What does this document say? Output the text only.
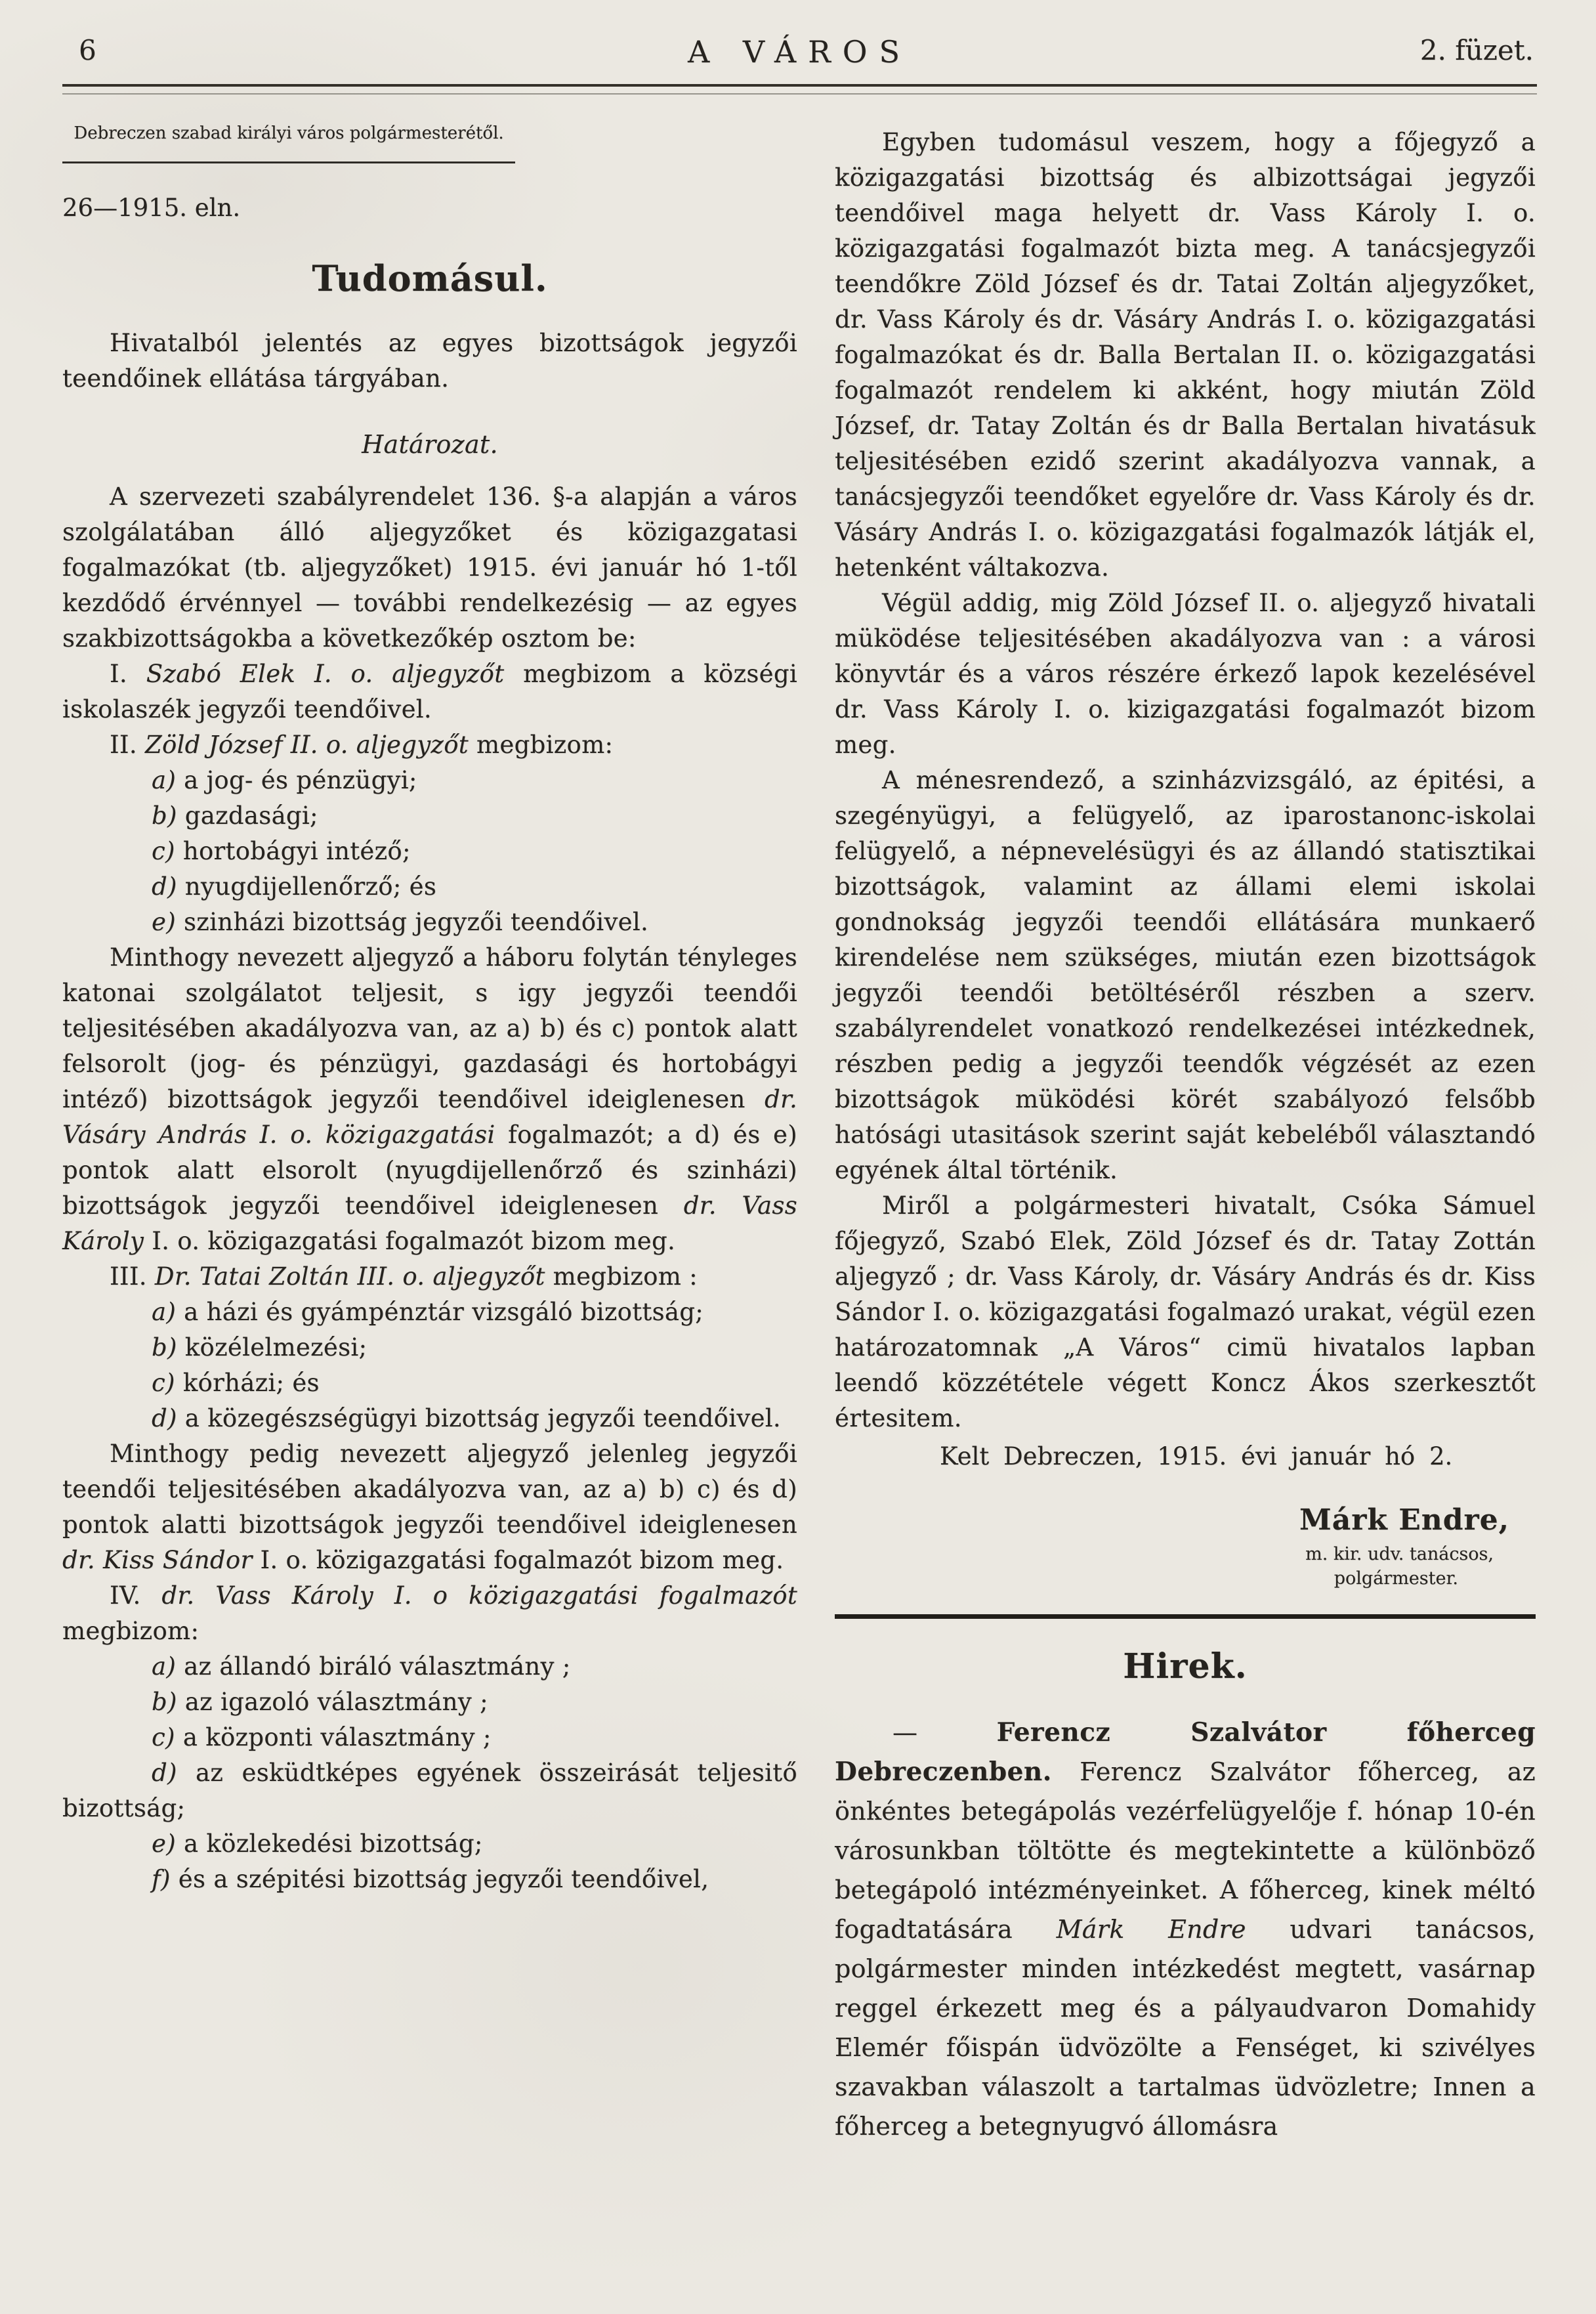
6	A VÁROS	2. füzet.
Debreczen szabad királyi város polgármesterétől.
26—1915. eln.
Tudomásul.

Hivatalból jelentés az egyes bizottságok jegyzői teendőinek ellátása tárgyában.

Határozat.

A szervezeti szabályrendelet 136. §-a alapján a város szolgálatában álló aljegyzőket és közigazgatasi fogalmazókat (tb. aljegyzőket) 1915. évi január hó 1-től kezdődő érvénnyel — további rendelkezésig — az egyes szakbizottságokba a következőkép osztom be:

I. Szabó Elek I. o. aljegyzőt megbizom a községi iskolaszék jegyzői teendőivel.

II. Zöld József II. o. aljegyzőt megbizom:

a) a jog- és pénzügyi;

b) gazdasági;

c) hortobágyi intéző;

d) nyugdijellenőrző; és

e) szinházi bizottság jegyzői teendőivel.

Minthogy nevezett aljegyző a háboru folytán tényleges katonai szolgálatot teljesit, s igy jegyzői teendői teljesitésében akadályozva van, az a) b) és c) pontok alatt felsorolt (jog- és pénzügyi, gazdasági és hortobágyi intéző) bizottságok jegyzői teendőivel ideiglenesen dr. Vásáry András I. o. közigazgatási fogalmazót; a d) és e) pontok alatt elsorolt (nyugdijellenőrző és szinházi) bizottságok jegyzői teendőivel ideiglenesen dr. Vass Károly I. o. közigazgatási fogalmazót bizom meg.

III. Dr. Tatai Zoltán III. o. aljegyzőt megbizom :

a) a házi és gyámpénztár vizsgáló bizottság;

b) közélelmezési;

c) kórházi; és

d) a közegészségügyi bizottság jegyzői teendőivel.

Minthogy pedig nevezett aljegyző jelenleg jegyzői teendői teljesitésében akadályozva van, az a) b) c) és d) pontok alatti bizottságok jegyzői teendőivel ideiglenesen dr. Kiss Sándor I. o. közigazgatási fogalmazót bizom meg.

IV. dr. Vass Károly I. o közigazgatási fogalmazót megbizom:

a) az állandó biráló választmány ;

b) az igazoló választmány ;

c) a központi választmány ;

d) az esküdtképes egyének összeirását teljesitő bizottság;

e) a közlekedési bizottság;

f) és a szépitési bizottság jegyzői teendőivel,

Egyben tudomásul veszem, hogy a főjegyző a közigazgatási bizottság és albizottságai jegyzői teendőivel maga helyett dr. Vass Károly I. o. közigazgatási fogalmazót bizta meg. A tanácsjegyzői teendőkre Zöld József és dr. Tatai Zoltán aljegyzőket, dr. Vass Károly és dr. Vásáry András I. o. közigazgatási fogalmazókat és dr. Balla Bertalan II. o. közigazgatási fogalmazót rendelem ki akként, hogy miután Zöld József, dr. Tatay Zoltán és dr Balla Bertalan hivatásuk teljesitésében ezidő szerint akadályozva vannak, a tanácsjegyzői teendőket egyelőre dr. Vass Károly és dr. Vásáry András I. o. közigazgatási fogalmazók látják el, hetenként váltakozva.

Végül addig, mig Zöld József II. o. aljegyző hivatali müködése teljesitésében akadályozva van : a városi könyvtár és a város részére érkező lapok kezelésével dr. Vass Károly I. o. kizigazgatási fogalmazót bizom meg.

A ménesrendező, a szinházvizsgáló, az épitési, a szegényügyi, a felügyelő, az iparostanonc-iskolai felügyelő, a népnevelésügyi és az állandó statisztikai bizottságok, valamint az állami elemi iskolai gondnokság jegyzői teendői ellátására munkaerő kirendelése nem szükséges, miután ezen bizottságok jegyzői teendői betöltéséről részben a szerv. szabályrendelet vonatkozó rendelkezései intézkednek, részben pedig a jegyzői teendők végzését az ezen bizottságok müködési körét szabályozó felsőbb hatósági utasitások szerint saját kebeléből választandó egyének által történik.

Miről a polgármesteri hivatalt, Csóka Sámuel főjegyző, Szabó Elek, Zöld József és dr. Tatay Zottán aljegyző ; dr. Vass Károly, dr. Vásáry András és dr. Kiss Sándor I. o. közigazgatási fogalmazó urakat, végül ezen határozatomnak „A Város“ cimü hivatalos lapban leendő közzététele végett Koncz Ákos szerkesztőt értesitem.

Kelt Debreczen, 1915. évi január hó 2.

Márk Endre,
m. kir. udv. tanácsos,
polgármester.
Hirek.

— Ferencz Szalvátor főherceg Debreczenben. Ferencz Szalvátor főherceg, az önkéntes betegápolás vezérfelügyelője f. hónap 10-én városunkban töltötte és megtekintette a különböző betegápoló intézményeinket. A főherceg, kinek méltó fogadtatására Márk Endre udvari tanácsos, polgármester minden intézkedést megtett, vasárnap reggel érkezett meg és a pályaudvaron Domahidy Elemér főispán üdvözölte a Fenséget, ki szivélyes szavakban válaszolt a tartalmas üdvözletre; Innen a főherceg a betegnyugvó állomásra
